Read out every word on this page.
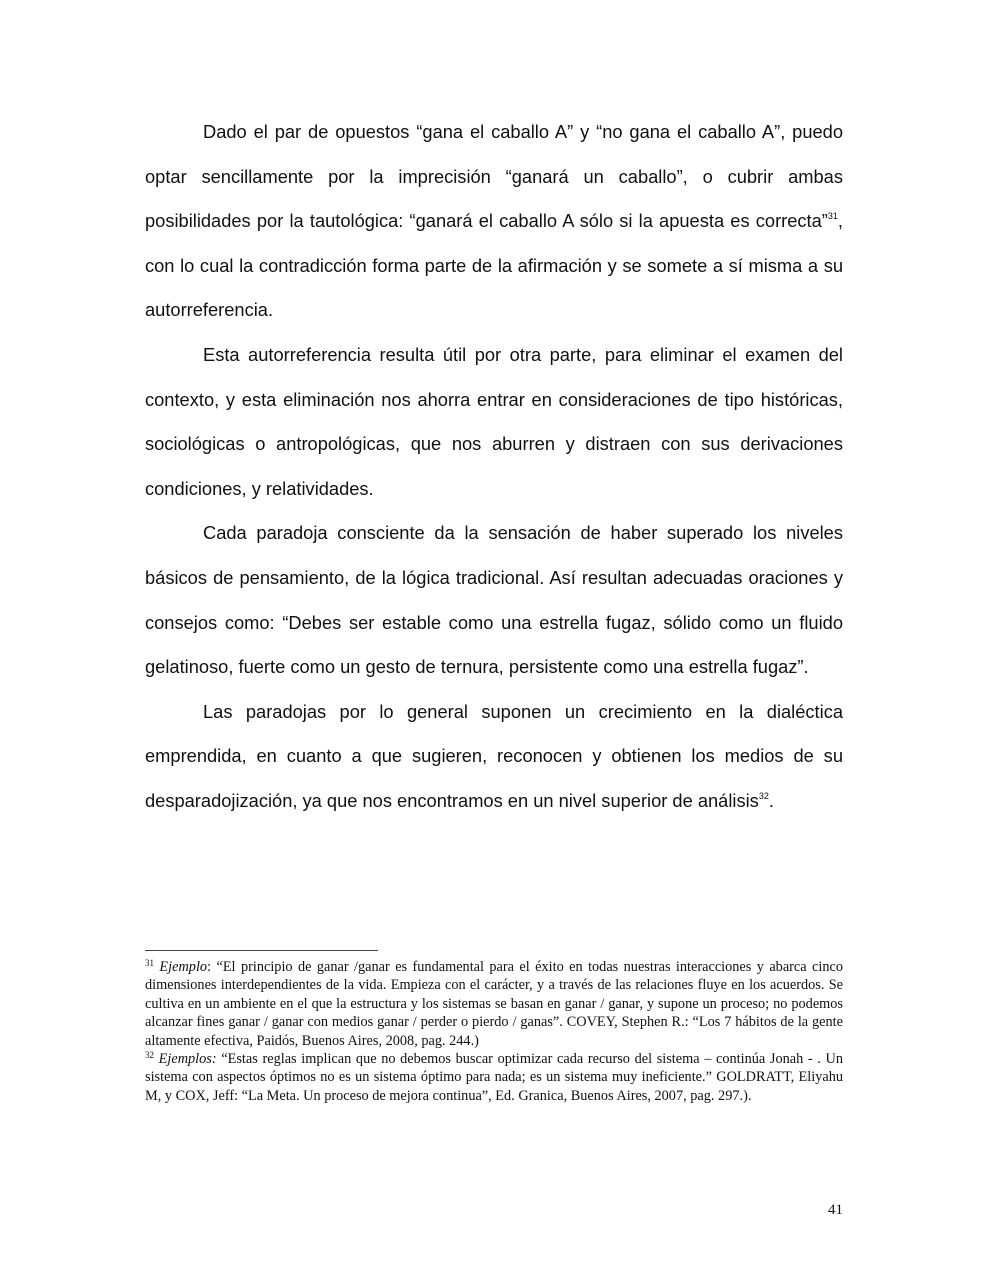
Dado el par de opuestos “gana el caballo A” y “no gana el caballo A”, puedo optar sencillamente por la imprecisión “ganará un caballo”, o cubrir ambas posibilidades por la tautológica: “ganará el caballo A sólo si la apuesta es correcta”$^{31}$, con lo cual la contradicción forma parte de la afirmación y se somete a sí misma a su autorreferencia.

Esta autorreferencia resulta útil por otra parte, para eliminar el examen del contexto, y esta eliminación nos ahorra entrar en consideraciones de tipo históricas, sociológicas o antropológicas, que nos aburren y distraen con sus derivaciones condiciones, y relatividades.

Cada paradoja consciente da la sensación de haber superado los niveles básicos de pensamiento, de la lógica tradicional. Así resultan adecuadas oraciones y consejos como: “Debes ser estable como una estrella fugaz, sólido como un fluido gelatinoso, fuerte como un gesto de ternura, persistente como una estrella fugaz”.

Las paradojas por lo general suponen un crecimiento en la dialéctica emprendida, en cuanto a que sugieren, reconocen y obtienen los medios de su desparadojización, ya que nos encontramos en un nivel superior de análisis$^{32}$.

$^{31}$ Ejemplo: “El principio de ganar /ganar es fundamental para el éxito en todas nuestras interacciones y abarca cinco dimensiones interdependientes de la vida. Empieza con el carácter, y a través de las relaciones fluye en los acuerdos. Se cultiva en un ambiente en el que la estructura y los sistemas se basan en ganar / ganar, y supone un proceso; no podemos alcanzar fines ganar / ganar con medios ganar / perder o pierdo / ganas”. COVEY, Stephen R.: “Los 7 hábitos de la gente altamente efectiva, Paidós, Buenos Aires, 2008, pag. 244.)

$^{32}$ Ejemplos: “Estas reglas implican que no debemos buscar optimizar cada recurso del sistema – continúa Jonah - . Un sistema con aspectos óptimos no es un sistema óptimo para nada; es un sistema muy ineficiente.” GOLDRATT, Eliyahu M, y COX, Jeff: “La Meta. Un proceso de mejora continua”, Ed. Granica, Buenos Aires, 2007, pag. 297.).

41
